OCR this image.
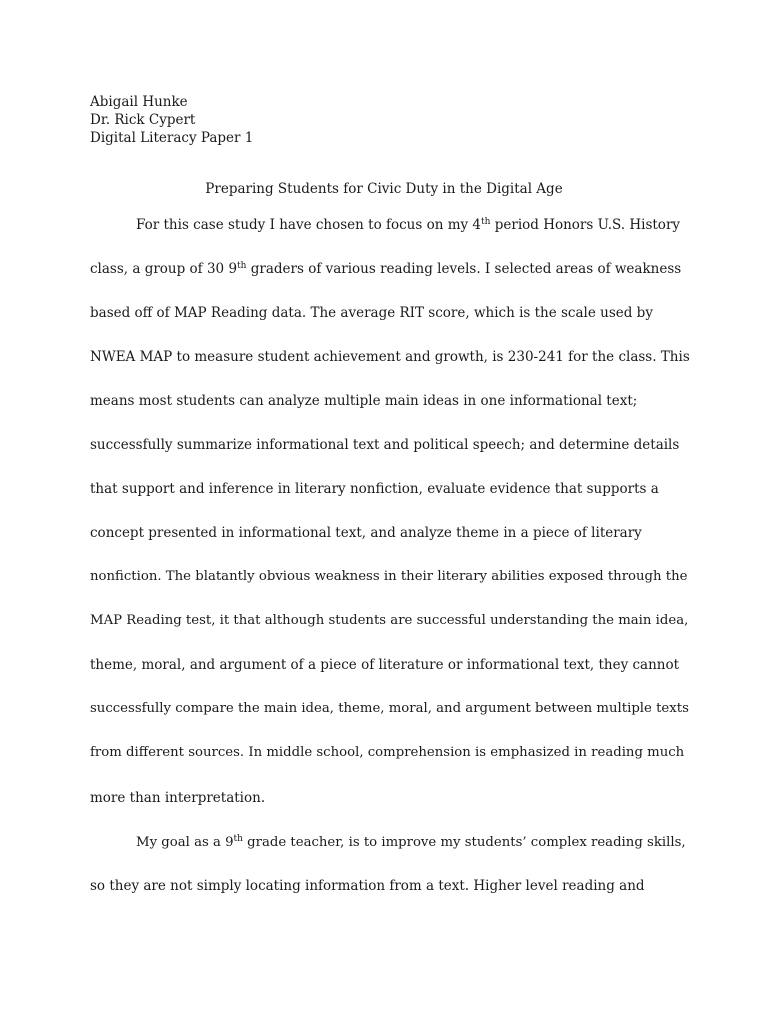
Abigail Hunke
Dr. Rick Cypert
Digital Literacy Paper 1
Preparing Students for Civic Duty in the Digital Age
For this case study I have chosen to focus on my 4th period Honors U.S. History
class, a group of 30 9th graders of various reading levels. I selected areas of weakness
based off of MAP Reading data. The average RIT score, which is the scale used by
NWEA MAP to measure student achievement and growth, is 230-241 for the class. This
means most students can analyze multiple main ideas in one informational text;
successfully summarize informational text and political speech; and determine details
that support and inference in literary nonfiction, evaluate evidence that supports a
concept presented in informational text, and analyze theme in a piece of literary
nonfiction. The blatantly obvious weakness in their literary abilities exposed through the
MAP Reading test, it that although students are successful understanding the main idea,
theme, moral, and argument of a piece of literature or informational text, they cannot
successfully compare the main idea, theme, moral, and argument between multiple texts
from different sources. In middle school, comprehension is emphasized in reading much
more than interpretation.
My goal as a 9th grade teacher, is to improve my students’ complex reading skills,
so they are not simply locating information from a text. Higher level reading and
